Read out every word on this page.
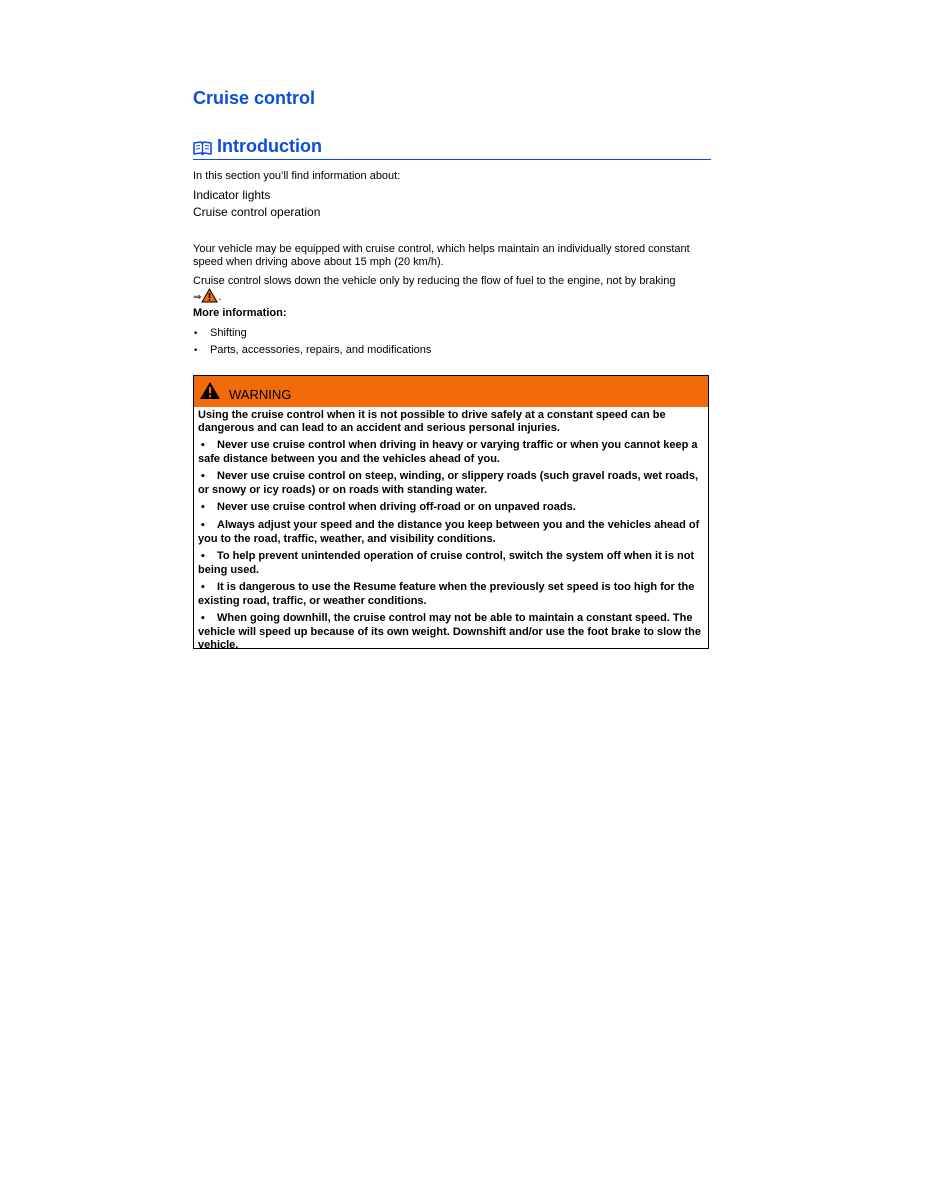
Cruise control
Introduction
In this section you’ll find information about:
Indicator lights
Cruise control operation

Your vehicle may be equipped with cruise control, which helps maintain an individually stored constant speed when driving above about 15 mph (20 km/h).

Cruise control slows down the vehicle only by reducing the flow of fuel to the engine, not by braking
⇒ .

More information:
• Shifting
• Parts, accessories, repairs, and modifications
WARNING

Using the cruise control when it is not possible to drive safely at a constant speed can be dangerous and can lead to an accident and serious personal injuries.

• Never use cruise control when driving in heavy or varying traffic or when you cannot keep a safe distance between you and the vehicles ahead of you.

• Never use cruise control on steep, winding, or slippery roads (such gravel roads, wet roads, or snowy or icy roads) or on roads with standing water.

• Never use cruise control when driving off-road or on unpaved roads.

• Always adjust your speed and the distance you keep between you and the vehicles ahead of you to the road, traffic, weather, and visibility conditions.

• To help prevent unintended operation of cruise control, switch the system off when it is not being used.

• It is dangerous to use the Resume feature when the previously set speed is too high for the existing road, traffic, or weather conditions.

• When going downhill, the cruise control may not be able to maintain a constant speed. The vehicle will speed up because of its own weight. Downshift and/or use the foot brake to slow the vehicle.
